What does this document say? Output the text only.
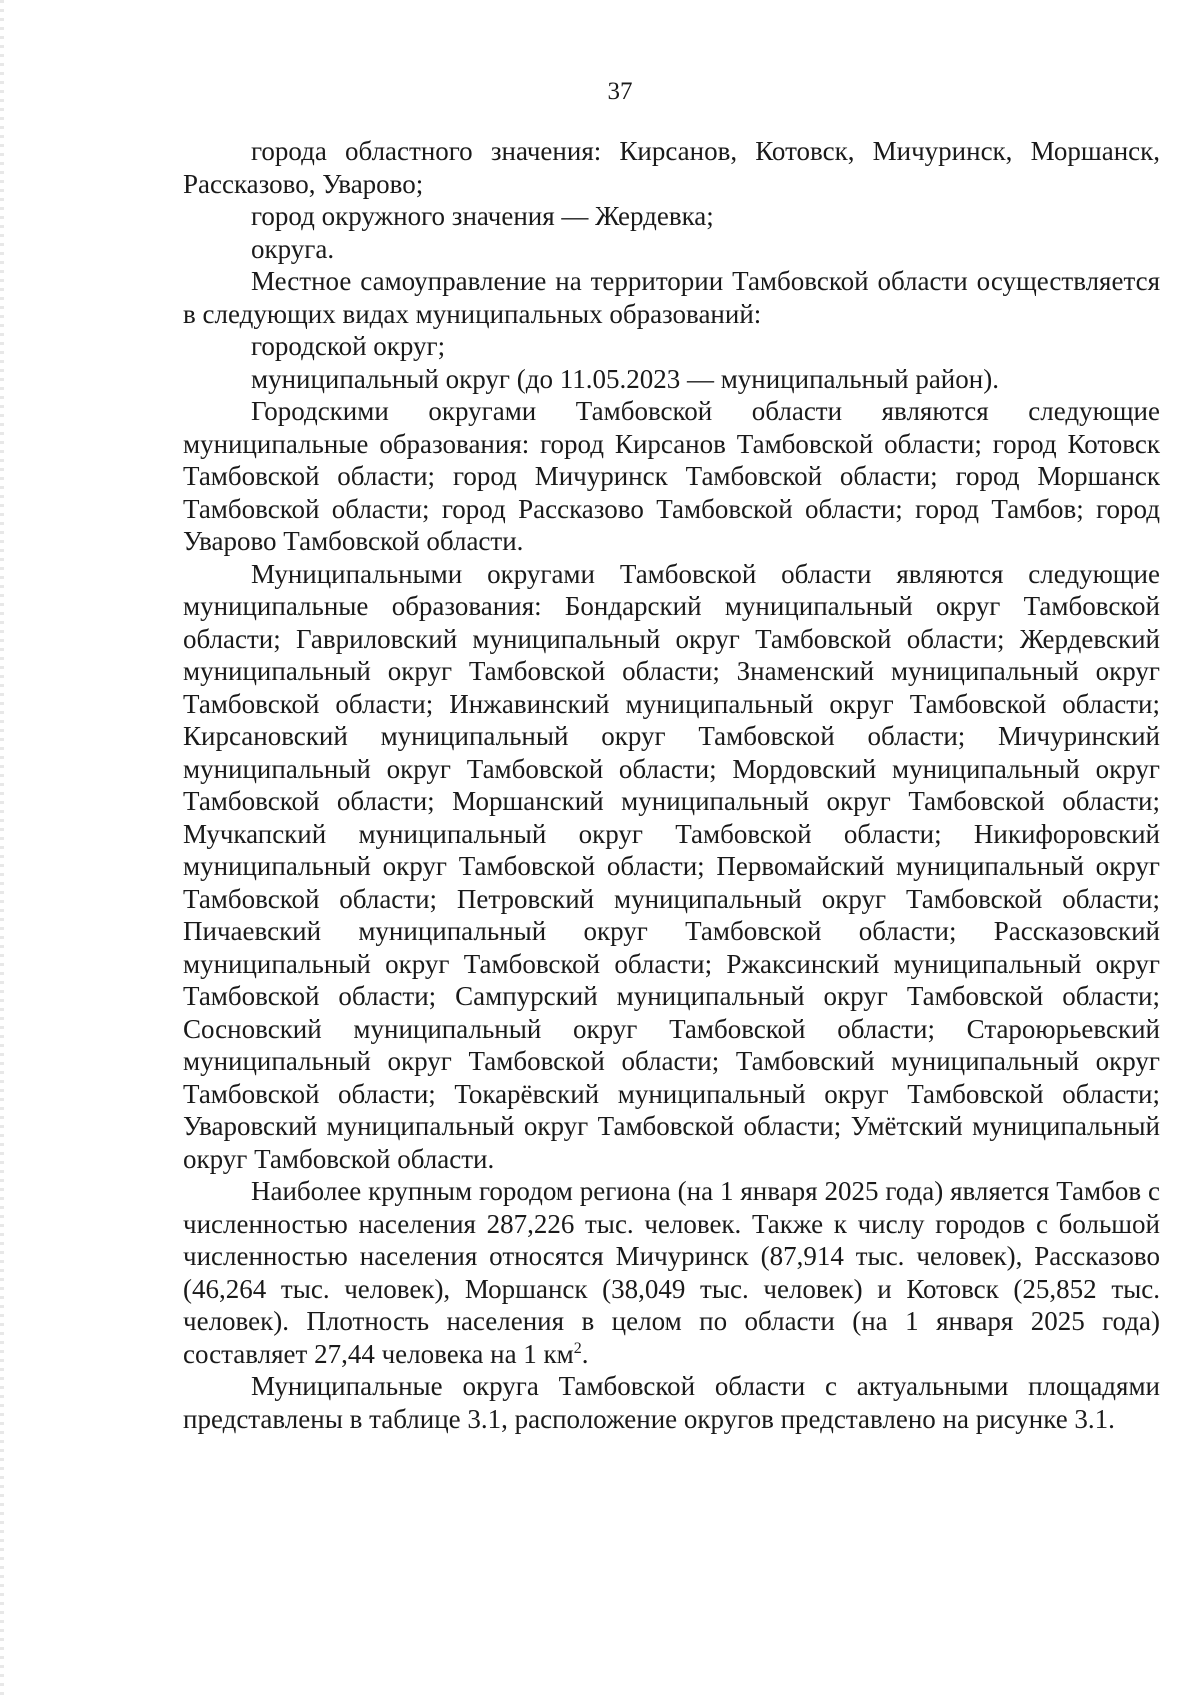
37

города областного значения: Кирсанов, Котовск, Мичуринск, Моршанск, Рассказово, Уварово;

город окружного значения — Жердевка;

округа.

Местное самоуправление на территории Тамбовской области осуществляется в следующих видах муниципальных образований:

городской округ;

муниципальный округ (до 11.05.2023 — муниципальный район).

Городскими округами Тамбовской области являются следующие муниципальные образования: город Кирсанов Тамбовской области; город Котовск Тамбовской области; город Мичуринск Тамбовской области; город Моршанск Тамбовской области; город Рассказово Тамбовской области; город Тамбов; город Уварово Тамбовской области.

Муниципальными округами Тамбовской области являются следующие муниципальные образования: Бондарский муниципальный округ Тамбовской области; Гавриловский муниципальный округ Тамбовской области; Жердевский муниципальный округ Тамбовской области; Знаменский муниципальный округ Тамбовской области; Инжавинский муниципальный округ Тамбовской области; Кирсановский муниципальный округ Тамбовской области; Мичуринский муниципальный округ Тамбовской области; Мордовский муниципальный округ Тамбовской области; Моршанский муниципальный округ Тамбовской области; Мучкапский муниципальный округ Тамбовской области; Никифоровский муниципальный округ Тамбовской области; Первомайский муниципальный округ Тамбовской области; Петровский муниципальный округ Тамбовской области; Пичаевский муниципальный округ Тамбовской области; Рассказовский муниципальный округ Тамбовской области; Ржаксинский муниципальный округ Тамбовской области; Сампурский муниципальный округ Тамбовской области; Сосновский муниципальный округ Тамбовской области; Староюрьевский муниципальный округ Тамбовской области; Тамбовский муниципальный округ Тамбовской области; Токарёвский муниципальный округ Тамбовской области; Уваровский муниципальный округ Тамбовской области; Умётский муниципальный округ Тамбовской области.

Наиболее крупным городом региона (на 1 января 2025 года) является Тамбов с численностью населения 287,226 тыс. человек. Также к числу городов с большой численностью населения относятся Мичуринск (87,914 тыс. человек), Рассказово (46,264 тыс. человек), Моршанск (38,049 тыс. человек) и Котовск (25,852 тыс. человек). Плотность населения в целом по области (на 1 января 2025 года) составляет 27,44 человека на 1 $км^2$.

Муниципальные округа Тамбовской области с актуальными площадями представлены в таблице 3.1, расположение округов представлено на рисунке 3.1.
